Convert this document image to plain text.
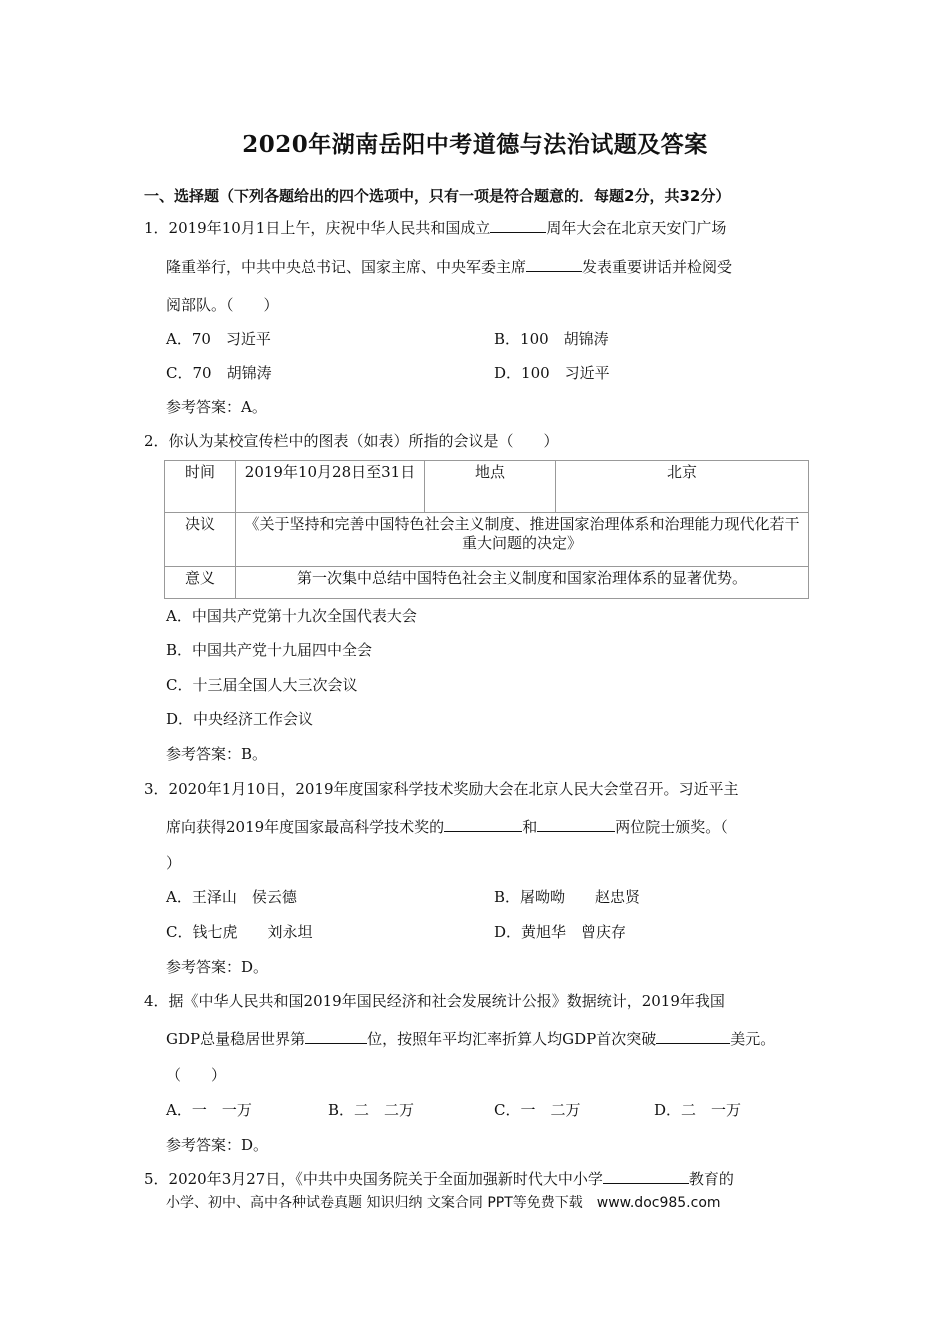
2020年湖南岳阳中考道德与法治试题及答案
一、选择题（下列各题给出的四个选项中，只有一项是符合题意的．每题2分，共32分）
1．2019年10月1日上午，庆祝中华人民共和国成立	周年大会在北京天安门广场
隆重举行，中共中央总书记、国家主席、中央军委主席	发表重要讲话并检阅受
阅部队。（　　）
A．70　习近平	B．100　胡锦涛
C．70　胡锦涛	D．100　习近平
参考答案：A。
2．你认为某校宣传栏中的图表（如表）所指的会议是（　　）
时间	2019年10月28日至31日	地点	北京
决议	《关于坚持和完善中国特色社会主义制度、推进国家治理体系和治理能力现代化若干重大问题的决定》		
意义	第一次集中总结中国特色社会主义制度和国家治理体系的显著优势。		
A．中国共产党第十九次全国代表大会
B．中国共产党十九届四中全会
C．十三届全国人大三次会议
D．中央经济工作会议
参考答案：B。
3．2020年1月10日，2019年度国家科学技术奖励大会在北京人民大会堂召开。习近平主
席向获得2019年度国家最高科学技术奖的	和	两位院士颁奖。（
）
A．王泽山　侯云德	B．屠呦呦　　赵忠贤
C．钱七虎　　刘永坦	D．黄旭华　曾庆存
参考答案：D。
4．据《中华人民共和国2019年国民经济和社会发展统计公报》数据统计，2019年我国
GDP总量稳居世界第	位，按照年平均汇率折算人均GDP首次突破	美元。
（　　）
A．一　一万	B．二　二万	C．一　二万	D．二　一万
参考答案：D。
5．2020年3月27日，《中共中央国务院关于全面加强新时代大中小学	教育的
小学、初中、高中各种试卷真题 知识归纳 文案合同 PPT等免费下载　www.doc985.com
